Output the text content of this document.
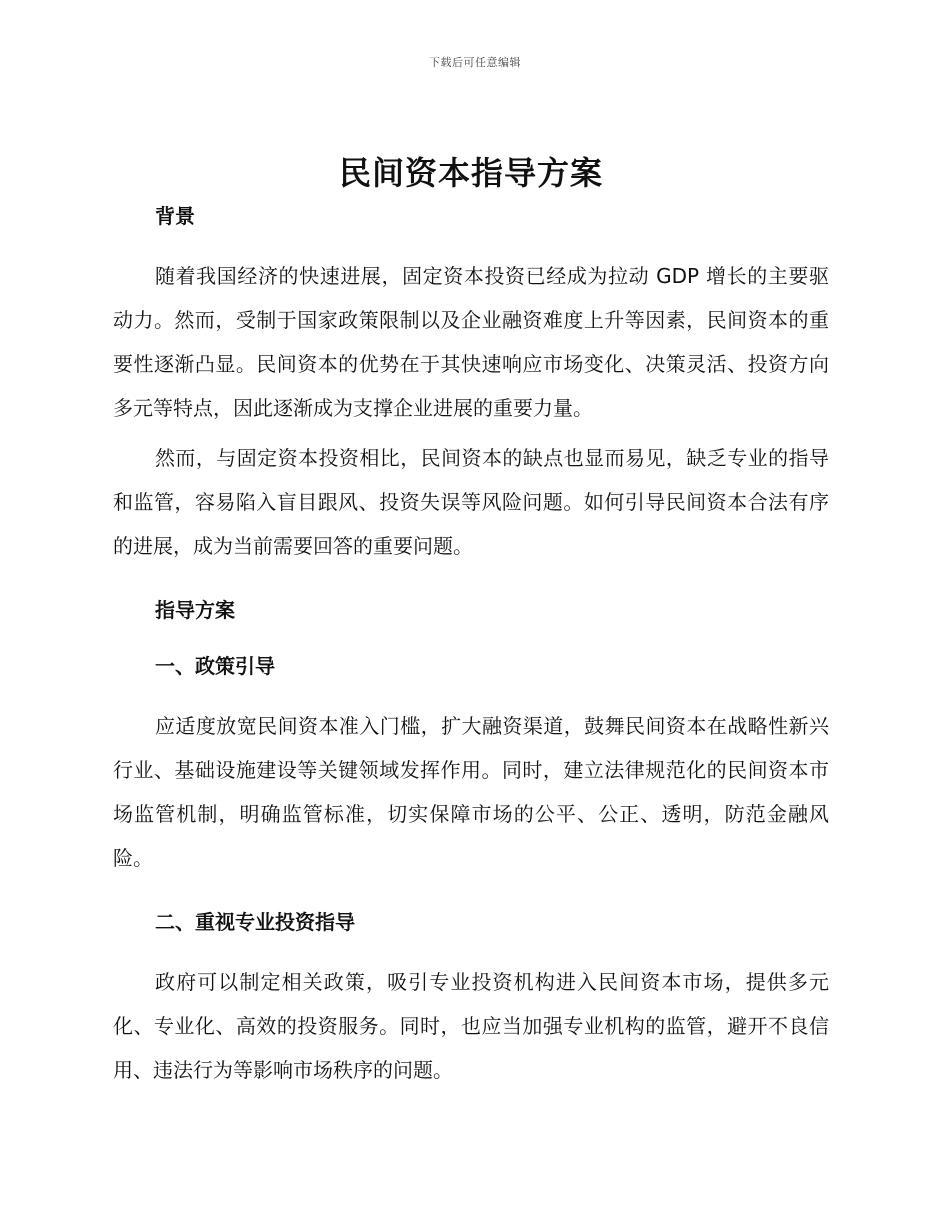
下载后可任意编辑
民间资本指导方案
背景

随着我国经济的快速进展，固定资本投资已经成为拉动 GDP 增长的主要驱动力。然而，受制于国家政策限制以及企业融资难度上升等因素，民间资本的重要性逐渐凸显。民间资本的优势在于其快速响应市场变化、决策灵活、投资方向多元等特点，因此逐渐成为支撑企业进展的重要力量。

然而，与固定资本投资相比，民间资本的缺点也显而易见，缺乏专业的指导和监管，容易陷入盲目跟风、投资失误等风险问题。如何引导民间资本合法有序的进展，成为当前需要回答的重要问题。

指导方案
一、政策引导

应适度放宽民间资本准入门槛，扩大融资渠道，鼓舞民间资本在战略性新兴行业、基础设施建设等关键领域发挥作用。同时，建立法律规范化的民间资本市场监管机制，明确监管标准，切实保障市场的公平、公正、透明，防范金融风险。

二、重视专业投资指导

政府可以制定相关政策，吸引专业投资机构进入民间资本市场，提供多元化、专业化、高效的投资服务。同时，也应当加强专业机构的监管，避开不良信用、违法行为等影响市场秩序的问题。
